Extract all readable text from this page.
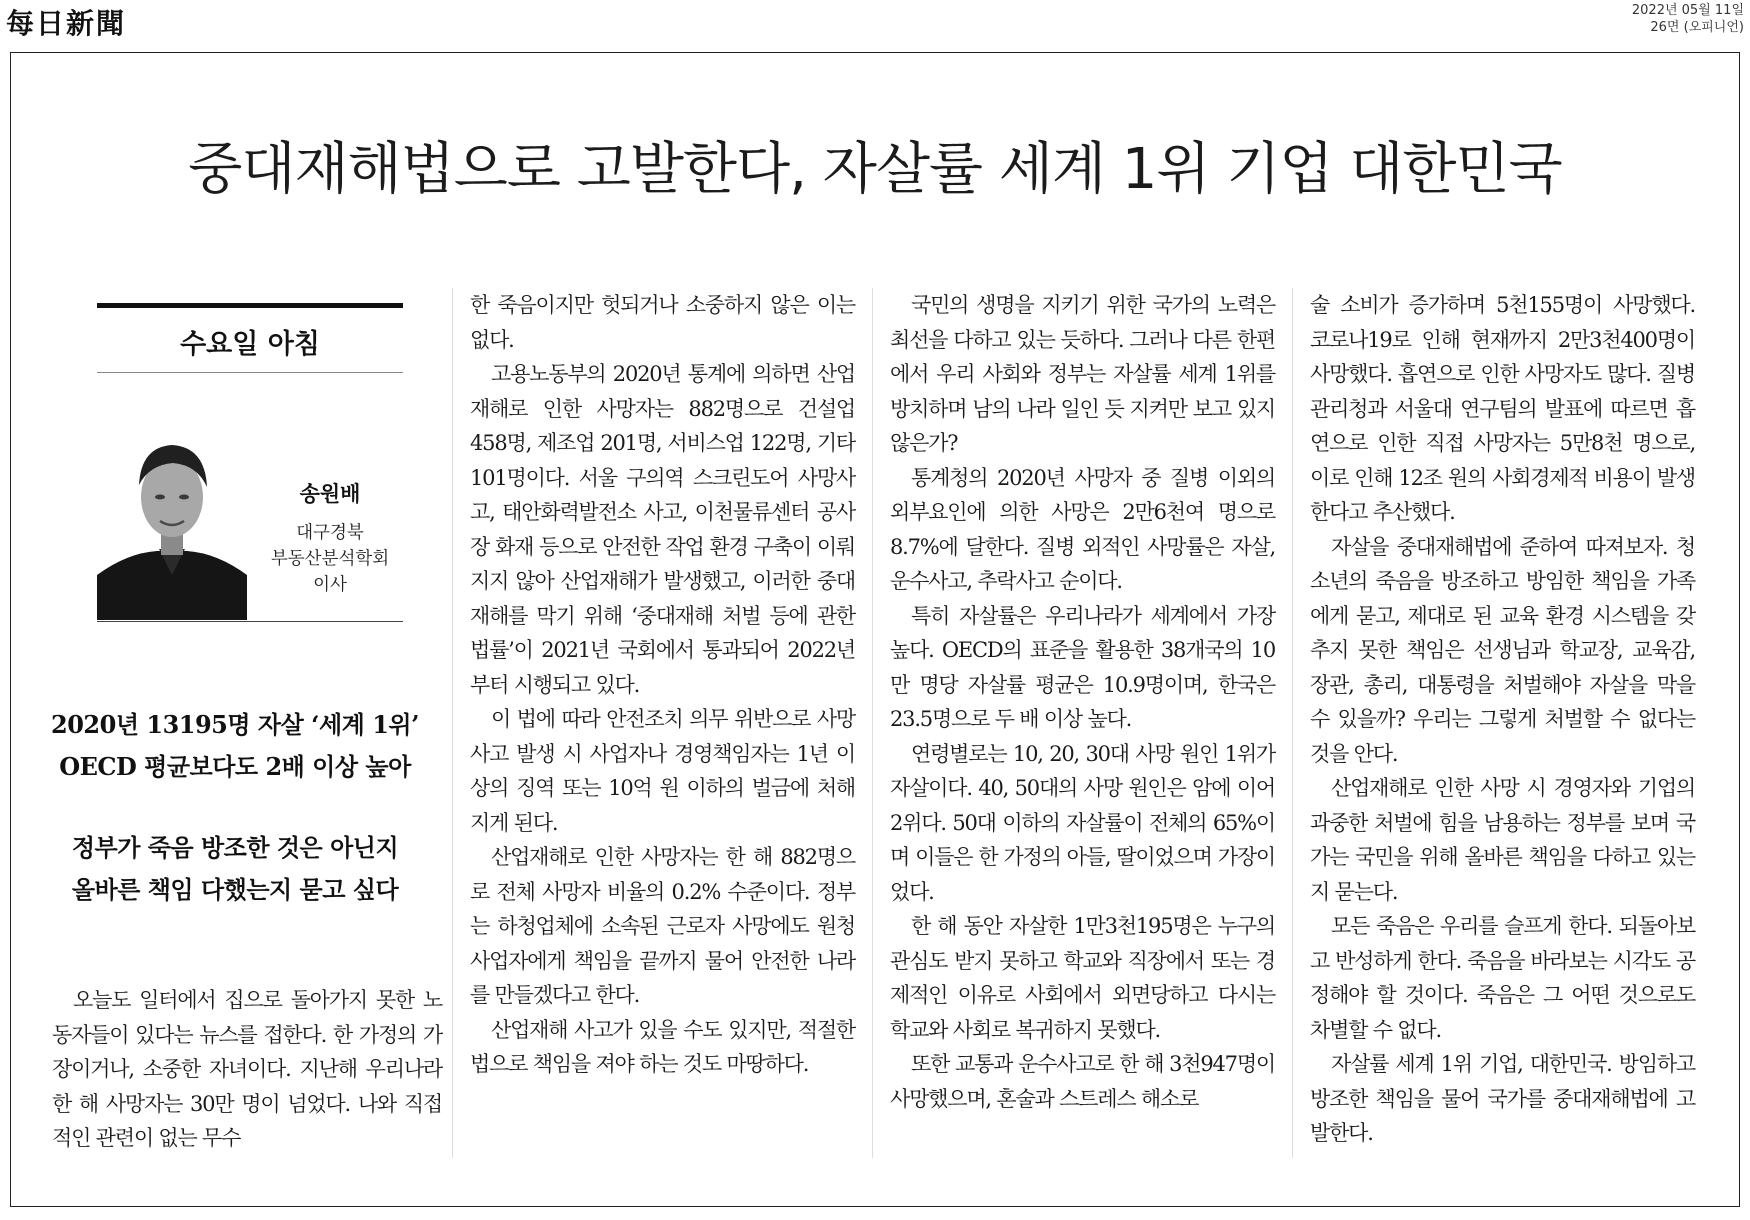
每日新聞	2022년 05월 11일
26면 (오피니언)
중대재해법으로 고발한다, 자살률 세계 1위 기업 대한민국
수요일 아침
송원배
대구경북
부동산분석학회
이사
2020년 13195명 자살 ‘세계 1위’
OECD 평균보다도 2배 이상 높아
정부가 죽음 방조한 것은 아닌지
올바른 책임 다했는지 묻고 싶다

오늘도 일터에서 집으로 돌아가지 못한 노동자들이 있다는 뉴스를 접한다. 한 가정의 가장이거나, 소중한 자녀이다. 지난해 우리나라 한 해 사망자는 30만 명이 넘었다. 나와 직접적인 관련이 없는 무수

한 죽음이지만 헛되거나 소중하지 않은 이는 없다.

고용노동부의 2020년 통계에 의하면 산업재해로 인한 사망자는 882명으로 건설업 458명, 제조업 201명, 서비스업 122명, 기타 101명이다. 서울 구의역 스크린도어 사망사고, 태안화력발전소 사고, 이천물류센터 공사장 화재 등으로 안전한 작업 환경 구축이 이뤄지지 않아 산업재해가 발생했고, 이러한 중대재해를 막기 위해 ‘중대재해 처벌 등에 관한 법률’이 2021년 국회에서 통과되어 2022년부터 시행되고 있다.

이 법에 따라 안전조치 의무 위반으로 사망사고 발생 시 사업자나 경영책임자는 1년 이상의 징역 또는 10억 원 이하의 벌금에 처해지게 된다.

산업재해로 인한 사망자는 한 해 882명으로 전체 사망자 비율의 0.2% 수준이다. 정부는 하청업체에 소속된 근로자 사망에도 원청 사업자에게 책임을 끝까지 물어 안전한 나라를 만들겠다고 한다.

산업재해 사고가 있을 수도 있지만, 적절한 법으로 책임을 져야 하는 것도 마땅하다.

국민의 생명을 지키기 위한 국가의 노력은 최선을 다하고 있는 듯하다. 그러나 다른 한편에서 우리 사회와 정부는 자살률 세계 1위를 방치하며 남의 나라 일인 듯 지켜만 보고 있지 않은가?

통계청의 2020년 사망자 중 질병 이외의 외부요인에 의한 사망은 2만6천여 명으로 8.7%에 달한다. 질병 외적인 사망률은 자살, 운수사고, 추락사고 순이다.

특히 자살률은 우리나라가 세계에서 가장 높다. OECD의 표준을 활용한 38개국의 10만 명당 자살률 평균은 10.9명이며, 한국은 23.5명으로 두 배 이상 높다.

연령별로는 10, 20, 30대 사망 원인 1위가 자살이다. 40, 50대의 사망 원인은 암에 이어 2위다. 50대 이하의 자살률이 전체의 65%이며 이들은 한 가정의 아들, 딸이었으며 가장이었다.

한 해 동안 자살한 1만3천195명은 누구의 관심도 받지 못하고 학교와 직장에서 또는 경제적인 이유로 사회에서 외면당하고 다시는 학교와 사회로 복귀하지 못했다.

또한 교통과 운수사고로 한 해 3천947명이 사망했으며, 혼술과 스트레스 해소로

술 소비가 증가하며 5천155명이 사망했다. 코로나19로 인해 현재까지 2만3천400명이 사망했다. 흡연으로 인한 사망자도 많다. 질병관리청과 서울대 연구팀의 발표에 따르면 흡연으로 인한 직접 사망자는 5만8천 명으로, 이로 인해 12조 원의 사회경제적 비용이 발생한다고 추산했다.

자살을 중대재해법에 준하여 따져보자. 청소년의 죽음을 방조하고 방임한 책임을 가족에게 묻고, 제대로 된 교육 환경 시스템을 갖추지 못한 책임은 선생님과 학교장, 교육감, 장관, 총리, 대통령을 처벌해야 자살을 막을 수 있을까? 우리는 그렇게 처벌할 수 없다는 것을 안다.

산업재해로 인한 사망 시 경영자와 기업의 과중한 처벌에 힘을 남용하는 정부를 보며 국가는 국민을 위해 올바른 책임을 다하고 있는지 묻는다.

모든 죽음은 우리를 슬프게 한다. 되돌아보고 반성하게 한다. 죽음을 바라보는 시각도 공정해야 할 것이다. 죽음은 그 어떤 것으로도 차별할 수 없다.

자살률 세계 1위 기업, 대한민국. 방임하고 방조한 책임을 물어 국가를 중대재해법에 고발한다.
